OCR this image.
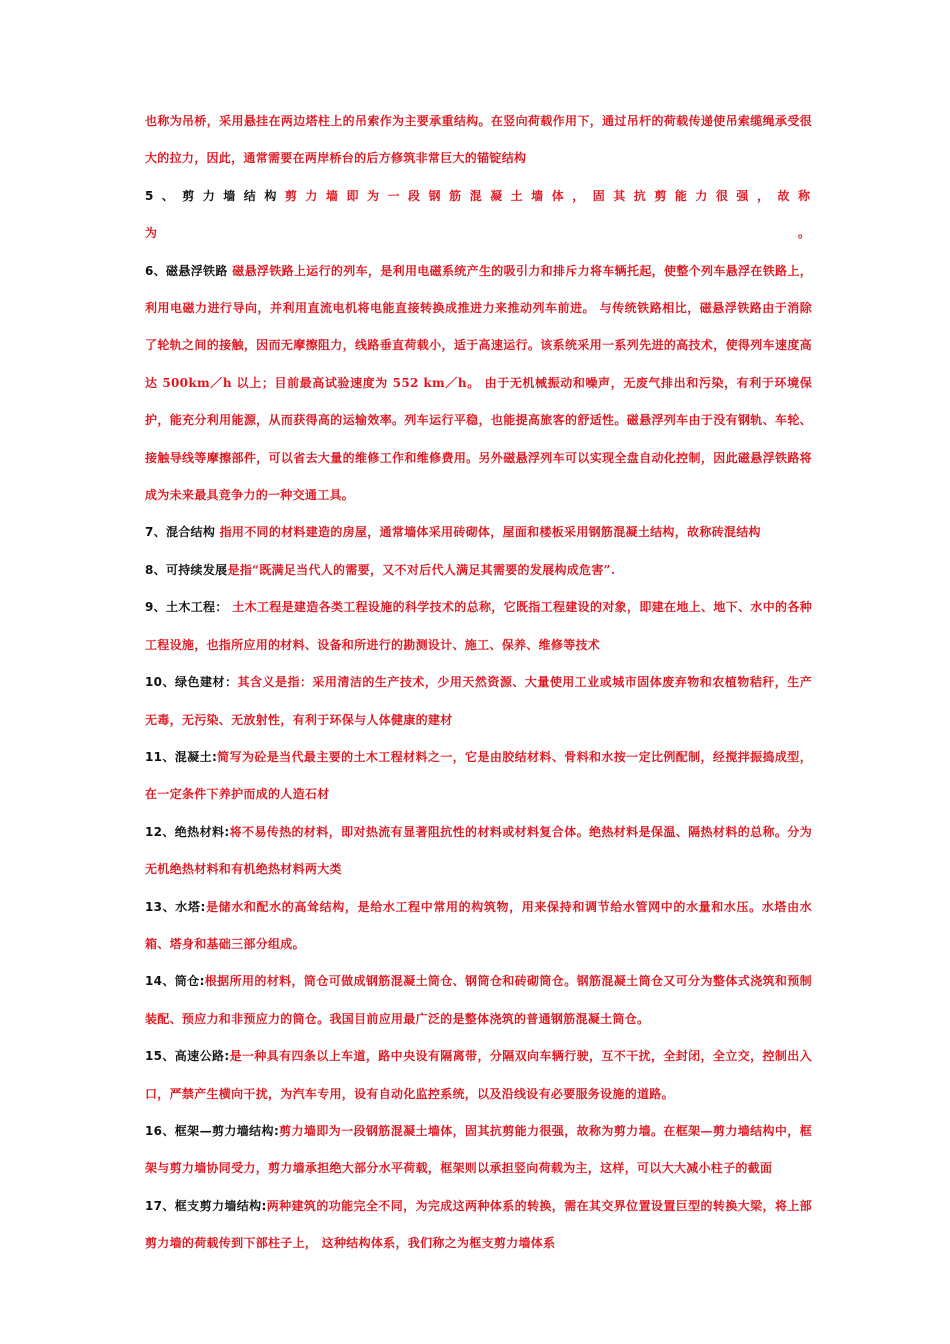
也称为吊桥，采用悬挂在两边塔柱上的吊索作为主要承重结构。在竖向荷载作用下，通过吊杆的荷载传递使吊索缆绳承受很大的拉力，因此，通常需要在两岸桥台的后方修筑非常巨大的锚锭结构

5 、 剪 力 墙 结 构 剪 力 墙 即 为 一 段 钢 筋 混 凝 土 墙 体 ， 固 其 抗 剪 能 力 很 强 ， 故 称 为 。

6、磁悬浮铁路 磁悬浮铁路上运行的列车，是利用电磁系统产生的吸引力和排斥力将车辆托起，使整个列车悬浮在铁路上，利用电磁力进行导向，并利用直流电机将电能直接转换成推进力来推动列车前进。 与传统铁路相比，磁悬浮铁路由于消除了轮轨之间的接触，因而无摩擦阻力，线路垂直荷载小，适于高速运行。该系统采用一系列先进的高技术，使得列车速度高达 500km／h 以上；目前最高试验速度为 552 km／h。 由于无机械振动和噪声，无废气排出和污染，有利于环境保护，能充分利用能源，从而获得高的运输效率。列车运行平稳，也能提高旅客的舒适性。磁悬浮列车由于没有钢轨、车轮、接触导线等摩擦部件，可以省去大量的维修工作和维修费用。另外磁悬浮列车可以实现全盘自动化控制，因此磁悬浮铁路将成为未来最具竞争力的一种交通工具。

7、混合结构 指用不同的材料建造的房屋，通常墙体采用砖砌体，屋面和楼板采用钢筋混凝土结构，故称砖混结构

8、可持续发展是指“既满足当代人的需要，又不对后代人满足其需要的发展构成危害”.

9、土木工程： 土木工程是建造各类工程设施的科学技术的总称，它既指工程建设的对象，即建在地上、地下、水中的各种工程设施，也指所应用的材料、设备和所进行的勘测设计、施工、保养、维修等技术

10、绿色建材：其含义是指：采用清洁的生产技术，少用天然资源、大量使用工业或城市固体废弃物和农植物秸秆，生产无毒，无污染、无放射性，有利于环保与人体健康的建材

11、混凝土:简写为砼是当代最主要的土木工程材料之一，它是由胶结材料、骨料和水按一定比例配制，经搅拌振捣成型，在一定条件下养护而成的人造石材

12、绝热材料:将不易传热的材料，即对热流有显著阻抗性的材料或材料复合体。绝热材料是保温、隔热材料的总称。分为无机绝热材料和有机绝热材料两大类

13、水塔:是储水和配水的高耸结构，是给水工程中常用的构筑物，用来保持和调节给水管网中的水量和水压。水塔由水箱、塔身和基础三部分组成。

14、筒仓:根据所用的材料，筒仓可做成钢筋混凝土筒仓、钢筒仓和砖砌筒仓。钢筋混凝土筒仓又可分为整体式浇筑和预制装配、预应力和非预应力的筒仓。我国目前应用最广泛的是整体浇筑的普通钢筋混凝土筒仓。

15、高速公路:是一种具有四条以上车道，路中央设有隔离带，分隔双向车辆行驶，互不干扰，全封闭，全立交，控制出入口，严禁产生横向干扰，为汽车专用，设有自动化监控系统，以及沿线设有必要服务设施的道路。

16、框架—剪力墙结构:剪力墙即为一段钢筋混凝土墙体，固其抗剪能力很强，故称为剪力墙。在框架—剪力墙结构中，框架与剪力墙协同受力，剪力墙承担绝大部分水平荷载，框架则以承担竖向荷载为主，这样，可以大大减小柱子的截面

17、框支剪力墙结构:两种建筑的功能完全不同，为完成这两种体系的转换，需在其交界位置设置巨型的转换大梁，将上部剪力墙的荷载传到下部柱子上， 这种结构体系，我们称之为框支剪力墙体系
